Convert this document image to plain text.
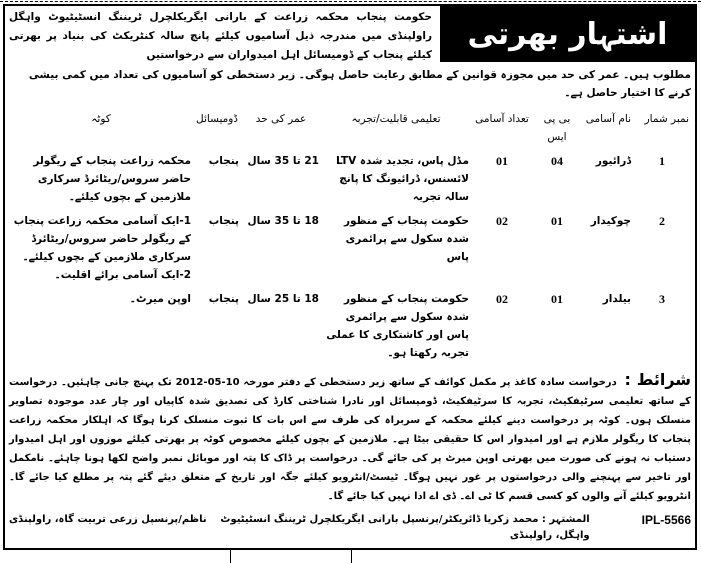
اشتہار بھرتی
حکومت پنجاب محکمہ زراعت کے بارانی ایگریکلچرل ٹریننگ انسٹیٹیوٹ واہگل راولپنڈی میں مندرجہ ذیل آسامیوں کیلئے پانچ سالہ کنٹریکٹ کی بنیاد پر بھرتی کیلئے پنجاب کے ڈومیسائل اہل امیدواران سے درخواستیں
مطلوب ہیں۔ عمر کی حد میں مجوزہ قوانین کے مطابق رعایت حاصل ہوگی۔ زیر دستخطی کو آسامیوں کی تعداد میں کمی بیشی کرنے کا اختیار حاصل ہے۔
نمبر شمار
نام آسامی
بی پی ایس
تعداد آسامی
تعلیمی قابلیت/تجربہ
عمر کی حد
ڈومیسائل
کوٹہ
1
ڈرائیور
04
01
مڈل پاس، تجدید شدہ LTV لائسنس، ڈرائیونگ کا پانچ سالہ تجربہ
21 تا 35 سال
پنجاب
محکمہ زراعت پنجاب کے ریگولر حاضر سروس/ریٹائرڈ سرکاری ملازمین کے بچوں کیلئے۔
2
چوکیدار
01
02
حکومت پنجاب کے منظور شدہ سکول سے پرائمری پاس
18 تا 35 سال
پنجاب
1-ایک آسامی محکمہ زراعت پنجاب کے ریگولر حاضر سروس/ریٹائرڈ سرکاری ملازمین کے بچوں کیلئے۔ 2-ایک آسامی برائے اقلیت۔
3
بیلدار
01
02
حکومت پنجاب کے منظور شدہ سکول سے پرائمری پاس اور کاشتکاری کا عملی تجربہ رکھتا ہو۔
18 تا 25 سال
پنجاب
اوپن میرٹ۔
شرائط : درخواست سادہ کاغذ پر مکمل کوائف کے ساتھ زیر دستخطی کے دفتر مورخہ 10-05-2012 تک پہنچ جانی چاہئیں۔ درخواست کے ساتھ تعلیمی سرٹیفکیٹ، تجربہ کا سرٹیفکیٹ، ڈومیسائل اور نادرا شناختی کارڈ کی تصدیق شدہ کاپیاں اور چار عدد موجودہ تصاویر منسلک ہوں۔ کوٹہ پر درخواست دینے کیلئے محکمہ کے سربراہ کی طرف سے اس بات کا ثبوت منسلک کرنا ہوگا کہ اہلکار محکمہ زراعت پنجاب کا ریگولر ملازم ہے اور امیدوار اس کا حقیقی بیٹا ہے۔ ملازمین کے بچوں کیلئے مخصوص کوٹہ پر بھرتی کیلئے موزوں اور اہل امیدوار دستیاب نہ ہونے کی صورت میں بھرتی اوپن میرٹ پر کی جائے گی۔ درخواست پر ڈاک کا پتہ اور موبائل نمبر واضح لکھا ہونا چاہئے۔ نامکمل اور تاخیر سے پہنچنے والی درخواستوں پر غور نہیں ہوگا۔ ٹیسٹ/انٹرویو کیلئے جگہ اور تاریخ کے متعلق دیئے گئے پتہ پر مطلع کیا جائے گا۔ انٹرویو کیلئے آنے والوں کو کسی قسم کا ٹی اے۔ ڈی اے ادا نہیں کیا جائے گا۔
IPL-5566
المشتہر : محمد زکریا ڈائریکٹر/پرنسپل بارانی ایگریکلچرل ٹریننگ انسٹیٹیوٹ واہگل، راولپنڈی
ناظم/پرنسپل زرعی تربیت گاہ، راولپنڈی
